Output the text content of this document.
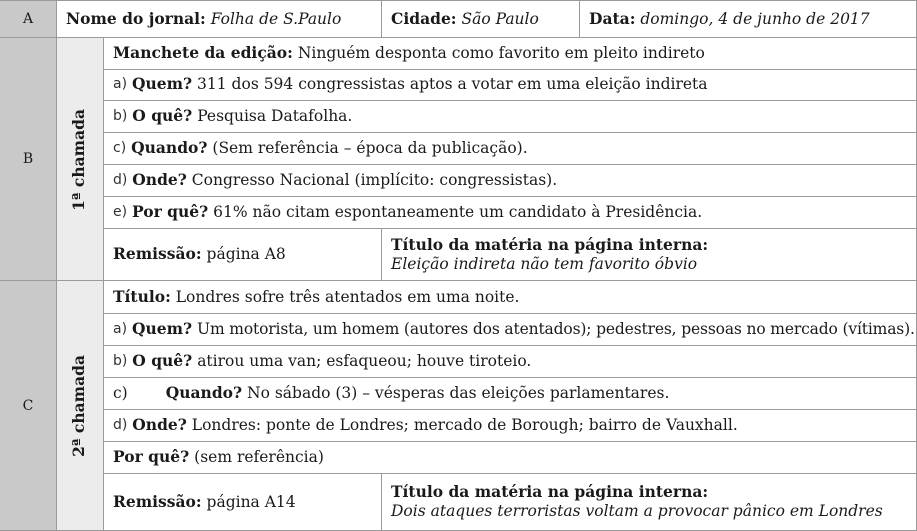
A
B
C
1ª chamada
2ª chamada
Nome do jornal:
Folha de S.Paulo	Cidade:
São Paulo	Data:
domingo, 4 de junho de 2017
Manchete da edição:
Ninguém desponta como favorito em pleito indireto
a)
Quem?
311 dos 594 congressistas aptos a votar em uma eleição indireta
b)
O quê?
Pesquisa Datafolha.
c)
Quando?
(Sem referência – época da publicação).
d)
Onde?
Congresso Nacional (implícito: congressistas).
e)
Por quê?
61% não citam espontaneamente um candidato à Presidência.
Remissão:
página A8
Título da matéria na página interna:
Eleição indireta não tem favorito óbvio
Título:
Londres sofre três atentados em uma noite.
a)
Quem?
Um motorista, um homem (autores dos atentados); pedestres, pessoas no mercado (vítimas).
b)
O quê?
atirou uma van; esfaqueou; houve tiroteio.
c) Quando?
No sábado (3) – vésperas das eleições parlamentares.
d)
Onde?
Londres: ponte de Londres; mercado de Borough; bairro de Vauxhall.
Por quê?
(sem referência)
Remissão:
página A14
Título da matéria na página interna:
Dois ataques terroristas voltam a provocar pânico em Londres
